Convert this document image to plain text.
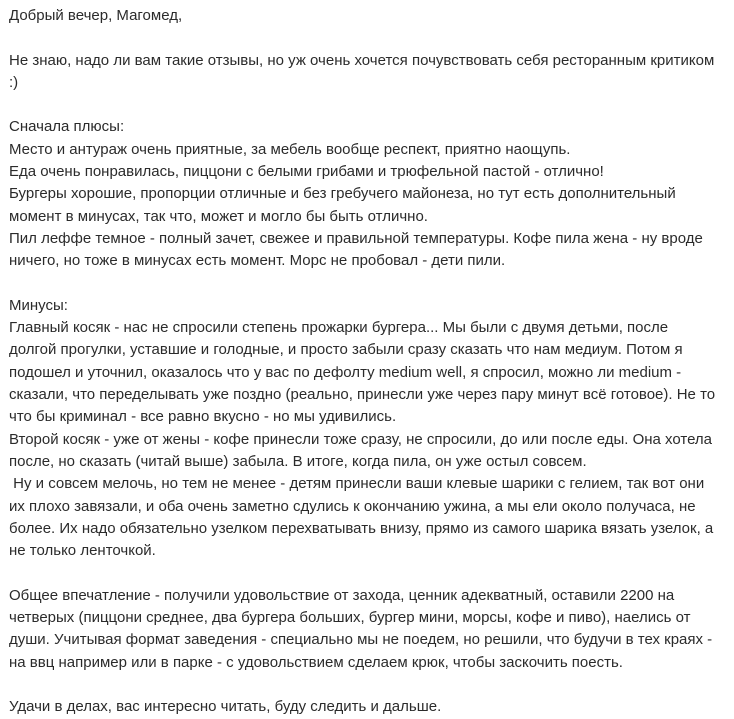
Добрый вечер, Магомед,
Не знаю, надо ли вам такие отзывы, но уж очень хочется почувствовать себя ресторанным критиком
:)
Сначала плюсы:
Место и антураж очень приятные, за мебель вообще респект, приятно наощупь.
Еда очень понравилась, пиццони с белыми грибами и трюфельной пастой - отлично!
Бургеры хорошие, пропорции отличные и без гребучего майонеза, но тут есть дополнительный
момент в минусах, так что, может и могло бы быть отлично.
Пил леффе темное - полный зачет, свежее и правильной температуры. Кофе пила жена - ну вроде
ничего, но тоже в минусах есть момент. Морс не пробовал - дети пили.
Минусы:
Главный косяк - нас не спросили степень прожарки бургера... Мы были с двумя детьми, после
долгой прогулки, уставшие и голодные, и просто забыли сразу сказать что нам медиум. Потом я
подошел и уточнил, оказалось что у вас по дефолту medium well, я спросил, можно ли medium -
сказали, что переделывать уже поздно (реально, принесли уже через пару минут всё готовое). Не то
что бы криминал - все равно вкусно - но мы удивились.
Второй косяк - уже от жены - кофе принесли тоже сразу, не спросили, до или после еды. Она хотела
после, но сказать (читай выше) забыла. В итоге, когда пила, он уже остыл совсем.
Ну и совсем мелочь, но тем не менее - детям принесли ваши клевые шарики с гелием, так вот они
их плохо завязали, и оба очень заметно сдулись к окончанию ужина, а мы ели около получаса, не
более. Их надо обязательно узелком перехватывать внизу, прямо из самого шарика вязать узелок, а
не только ленточкой.
Общее впечатление - получили удовольствие от захода, ценник адекватный, оставили 2200 на
четверых (пиццони среднее, два бургера больших, бургер мини, морсы, кофе и пиво), наелись от
души. Учитывая формат заведения - специально мы не поедем, но решили, что будучи в тех краях -
на ввц например или в парке - с удовольствием сделаем крюк, чтобы заскочить поесть.
Удачи в делах, вас интересно читать, буду следить и дальше.
